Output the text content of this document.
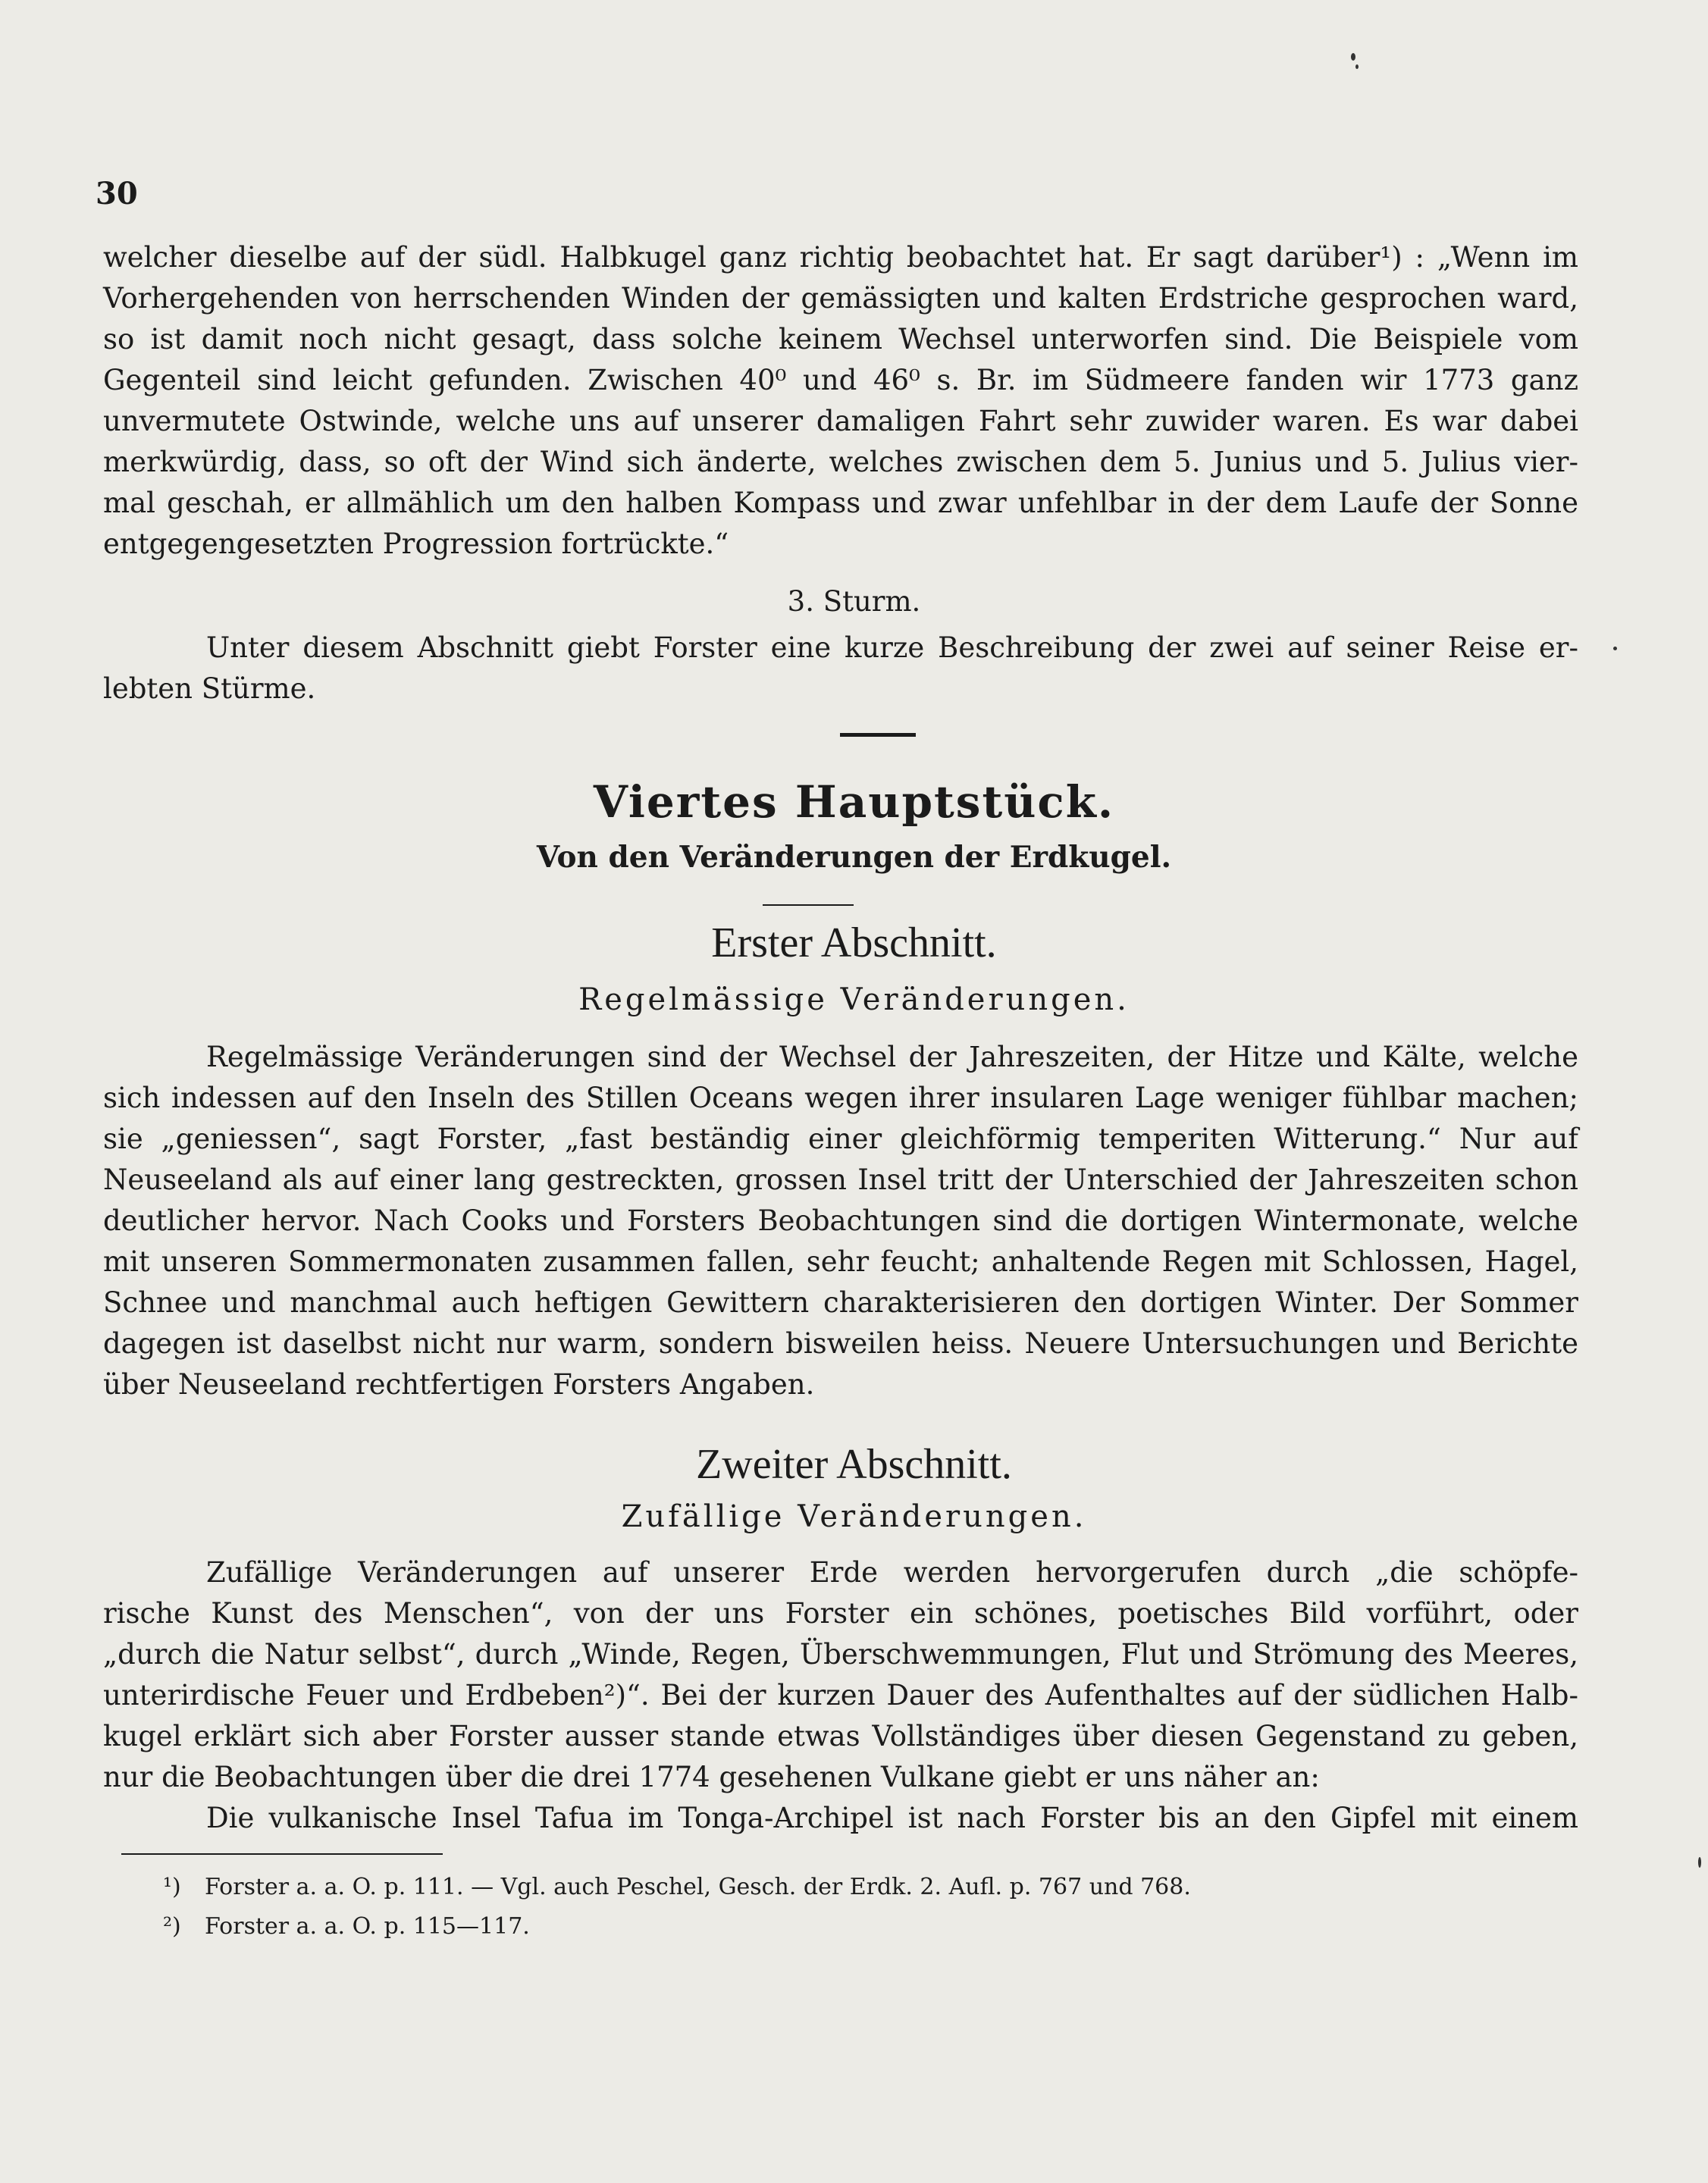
30
welcher dieselbe auf der südl. Halbkugel ganz richtig beobachtet hat. Er sagt darüber¹) : „Wenn im
Vorhergehenden von herrschenden Winden der gemässigten und kalten Erdstriche gesprochen ward,
so ist damit noch nicht gesagt, dass solche keinem Wechsel unterworfen sind. Die Beispiele vom
Gegenteil sind leicht gefunden. Zwischen 40⁰ und 46⁰ s. Br. im Südmeere fanden wir 1773 ganz
unvermutete Ostwinde, welche uns auf unserer damaligen Fahrt sehr zuwider waren. Es war dabei
merkwürdig, dass, so oft der Wind sich änderte, welches zwischen dem 5. Junius und 5. Julius vier-
mal geschah, er allmählich um den halben Kompass und zwar unfehlbar in der dem Laufe der Sonne
entgegengesetzten Progression fortrückte.“
3. Sturm.
Unter diesem Abschnitt giebt Forster eine kurze Beschreibung der zwei auf seiner Reise er-
lebten Stürme.
Viertes Hauptstück.
Von den Veränderungen der Erdkugel.
Erster Abschnitt.
Regelmässige Veränderungen.
Regelmässige Veränderungen sind der Wechsel der Jahreszeiten, der Hitze und Kälte, welche
sich indessen auf den Inseln des Stillen Oceans wegen ihrer insularen Lage weniger fühlbar machen;
sie „geniessen“, sagt Forster, „fast beständig einer gleichförmig temperiten Witterung.“ Nur auf
Neuseeland als auf einer lang gestreckten, grossen Insel tritt der Unterschied der Jahreszeiten schon
deutlicher hervor. Nach Cooks und Forsters Beobachtungen sind die dortigen Wintermonate, welche
mit unseren Sommermonaten zusammen fallen, sehr feucht; anhaltende Regen mit Schlossen, Hagel,
Schnee und manchmal auch heftigen Gewittern charakterisieren den dortigen Winter. Der Sommer
dagegen ist daselbst nicht nur warm, sondern bisweilen heiss. Neuere Untersuchungen und Berichte
über Neuseeland rechtfertigen Forsters Angaben.
Zweiter Abschnitt.
Zufällige Veränderungen.
Zufällige Veränderungen auf unserer Erde werden hervorgerufen durch „die schöpfe-
rische Kunst des Menschen“, von der uns Forster ein schönes, poetisches Bild vorführt, oder
„durch die Natur selbst“, durch „Winde, Regen, Überschwemmungen, Flut und Strömung des Meeres,
unterirdische Feuer und Erdbeben²)“. Bei der kurzen Dauer des Aufenthaltes auf der südlichen Halb-
kugel erklärt sich aber Forster ausser stande etwas Vollständiges über diesen Gegenstand zu geben,
nur die Beobachtungen über die drei 1774 gesehenen Vulkane giebt er uns näher an:
Die vulkanische Insel Tafua im Tonga-Archipel ist nach Forster bis an den Gipfel mit einem
¹) Forster a. a. O. p. 111. — Vgl. auch Peschel, Gesch. der Erdk. 2. Aufl. p. 767 und 768.
²) Forster a. a. O. p. 115—117.
